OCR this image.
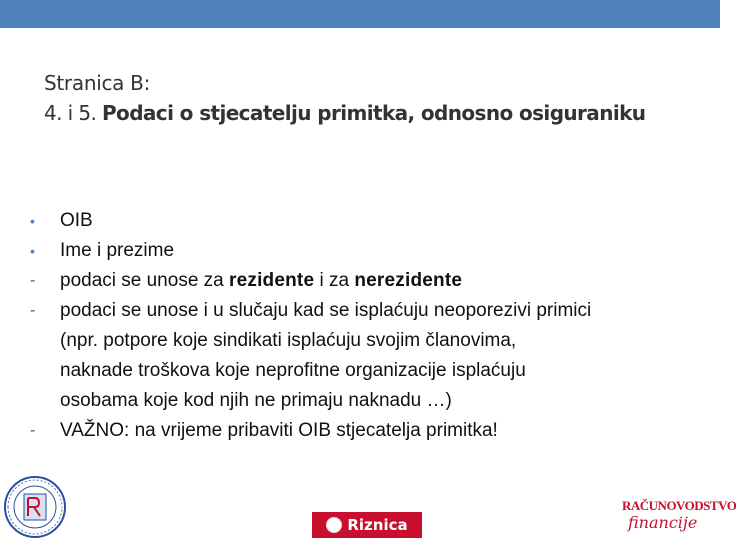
Stranica B:
4. i 5. Podaci o stjecatelju primitka, odnosno osiguraniku
•	OIB
•	Ime i prezime
-	podaci se unose za rezidente i za nerezidente
-	podaci se unose i u slučaju kad se isplaćuju neoporezivi primici
(npr. potpore koje sindikati isplaćuju svojim članovima,
naknade troškova koje neprofitne organizacije isplaćuju
osobama koje kod njih ne primaju naknadu …)
-	VAŽNO: na vrijeme pribaviti OIB stjecatelja primitka!
Riznica
RAČUNOVODSTVO
financije
